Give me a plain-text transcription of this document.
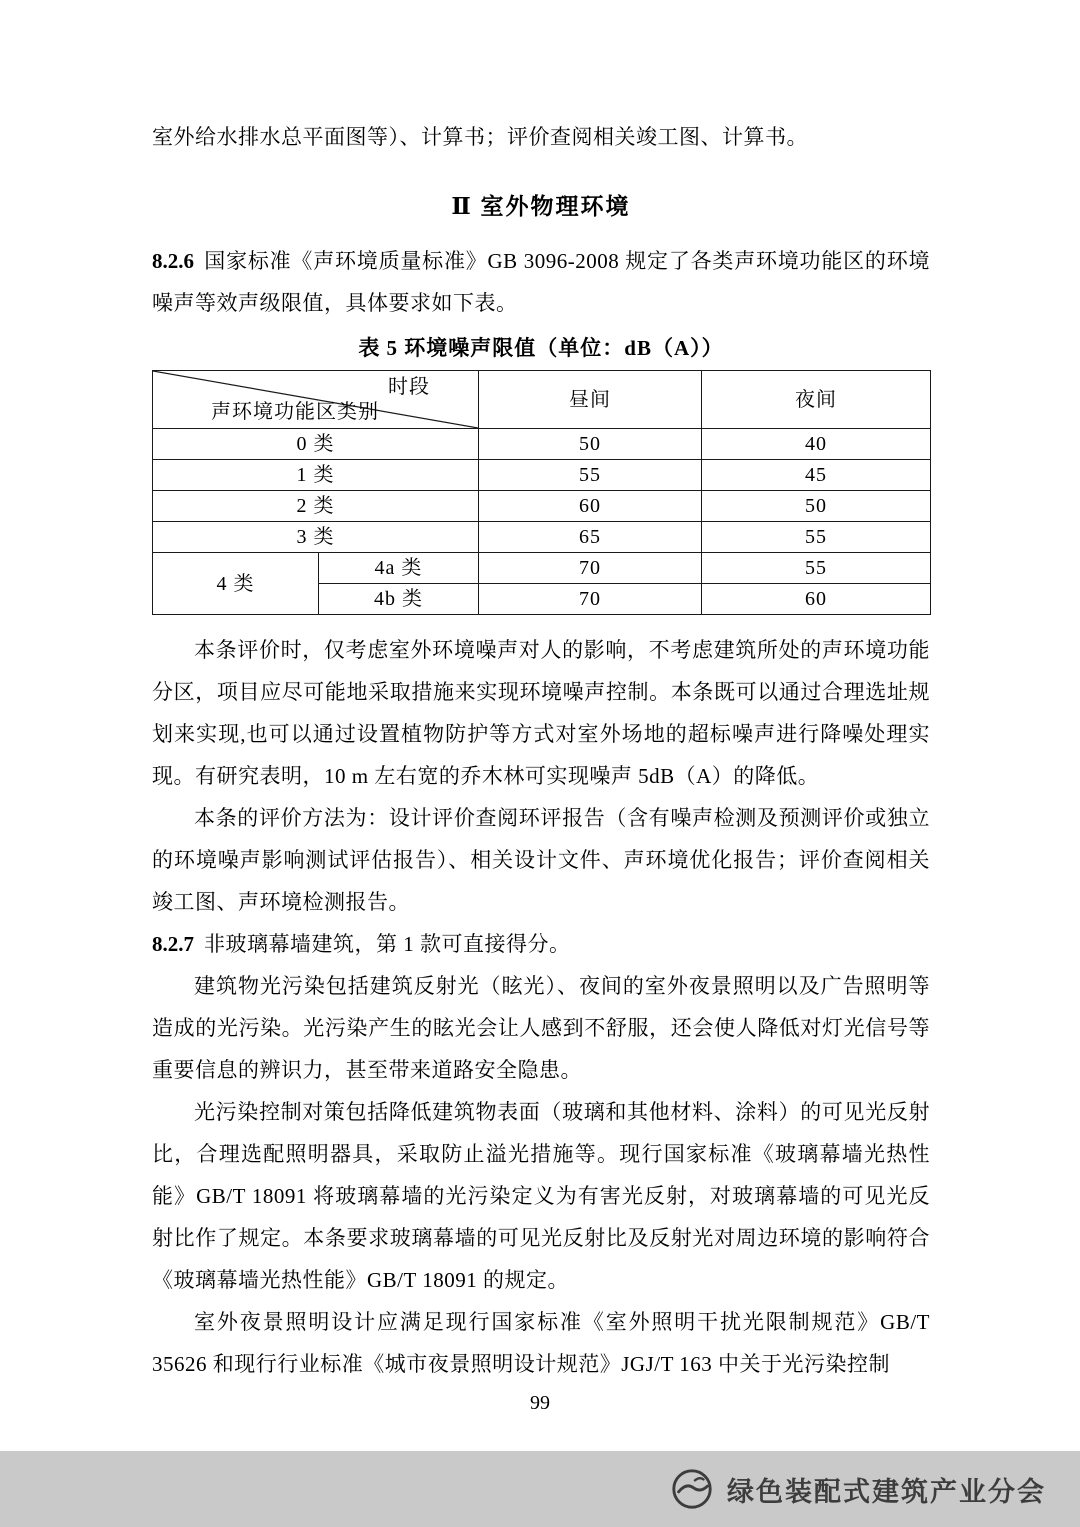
室外给水排水总平面图等）、计算书；评价查阅相关竣工图、计算书。

Ⅱ 室外物理环境

8.2.6 国家标准《声环境质量标准》GB 3096-2008 规定了各类声环境功能区的环境噪声等效声级限值，具体要求如下表。

表 5 环境噪声限值（单位：dB（A））
时段
声环境功能区类别		昼间	夜间
0 类		50	40
1 类		55	45
2 类		60	50
3 类		65	55
4 类	4a 类	70	55
	4b 类	70	60

本条评价时，仅考虑室外环境噪声对人的影响，不考虑建筑所处的声环境功能分区，项目应尽可能地采取措施来实现环境噪声控制。本条既可以通过合理选址规划来实现,也可以通过设置植物防护等方式对室外场地的超标噪声进行降噪处理实现。有研究表明，10 m 左右宽的乔木林可实现噪声 5dB（A）的降低。

本条的评价方法为：设计评价查阅环评报告（含有噪声检测及预测评价或独立的环境噪声影响测试评估报告）、相关设计文件、声环境优化报告；评价查阅相关竣工图、声环境检测报告。

8.2.7 非玻璃幕墙建筑，第 1 款可直接得分。

建筑物光污染包括建筑反射光（眩光）、夜间的室外夜景照明以及广告照明等造成的光污染。光污染产生的眩光会让人感到不舒服，还会使人降低对灯光信号等重要信息的辨识力，甚至带来道路安全隐患。

光污染控制对策包括降低建筑物表面（玻璃和其他材料、涂料）的可见光反射比，合理选配照明器具，采取防止溢光措施等。现行国家标准《玻璃幕墙光热性能》GB/T 18091 将玻璃幕墙的光污染定义为有害光反射，对玻璃幕墙的可见光反射比作了规定。本条要求玻璃幕墙的可见光反射比及反射光对周边环境的影响符合《玻璃幕墙光热性能》GB/T 18091 的规定。

室外夜景照明设计应满足现行国家标准《室外照明干扰光限制规范》GB/T 35626 和现行行业标准《城市夜景照明设计规范》JGJ/T 163 中关于光污染控制

99
绿色装配式建筑产业分会
